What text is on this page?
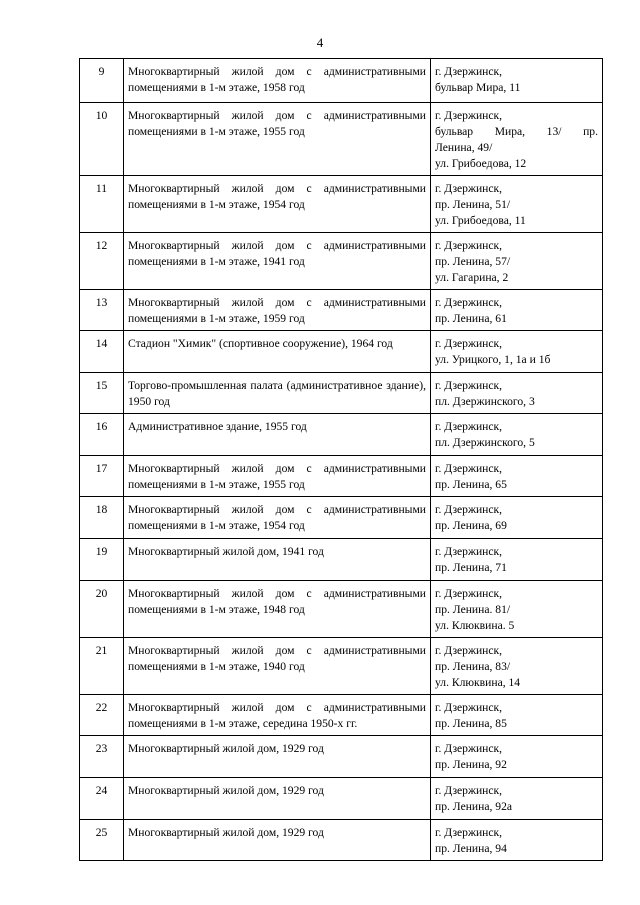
4
9	Многоквартирный жилой дом с административными помещениями в 1-м этаже, 1958 год	г. Дзержинск,
бульвар Мира, 11

10	Многоквартирный жилой дом с административными помещениями в 1-м этаже, 1955 год	г. Дзержинск,
бульвар Мира, 13/ пр.
Ленина, 49/
ул. Грибоедова, 12

11	Многоквартирный жилой дом с административными помещениями в 1-м этаже, 1954 год	г. Дзержинск,
пр. Ленина, 51/
ул. Грибоедова, 11

12	Многоквартирный жилой дом с административными помещениями в 1-м этаже, 1941 год	г. Дзержинск,
пр. Ленина, 57/
ул. Гагарина, 2

13	Многоквартирный жилой дом с административными помещениями в 1-м этаже, 1959 год	г. Дзержинск,
пр. Ленина, 61

14	Стадион "Химик" (спортивное сооружение), 1964 год	г. Дзержинск,
ул. Урицкого, 1, 1а и 1б

15	Торгово-промышленная палата (административное здание), 1950 год	г. Дзержинск,
пл. Дзержинского, 3

16	Административное здание, 1955 год	г. Дзержинск,
пл. Дзержинского, 5

17	Многоквартирный жилой дом с административными помещениями в 1-м этаже, 1955 год	г. Дзержинск,
пр. Ленина, 65

18	Многоквартирный жилой дом с административными помещениями в 1-м этаже, 1954 год	г. Дзержинск,
пр. Ленина, 69

19	Многоквартирный жилой дом, 1941 год	г. Дзержинск,
пр. Ленина, 71

20	Многоквартирный жилой дом с административными помещениями в 1-м этаже, 1948 год	г. Дзержинск,
пр. Ленина. 81/
ул. Клюквина. 5

21	Многоквартирный жилой дом с административными помещениями в 1-м этаже, 1940 год	г. Дзержинск,
пр. Ленина, 83/
ул. Клюквина, 14

22	Многоквартирный жилой дом с административными помещениями в 1-м этаже, середина 1950-х гг.	г. Дзержинск,
пр. Ленина, 85

23	Многоквартирный жилой дом, 1929 год	г. Дзержинск,
пр. Ленина, 92

24	Многоквартирный жилой дом, 1929 год	г. Дзержинск,
пр. Ленина, 92а

25	Многоквартирный жилой дом, 1929 год	г. Дзержинск,
пр. Ленина, 94
